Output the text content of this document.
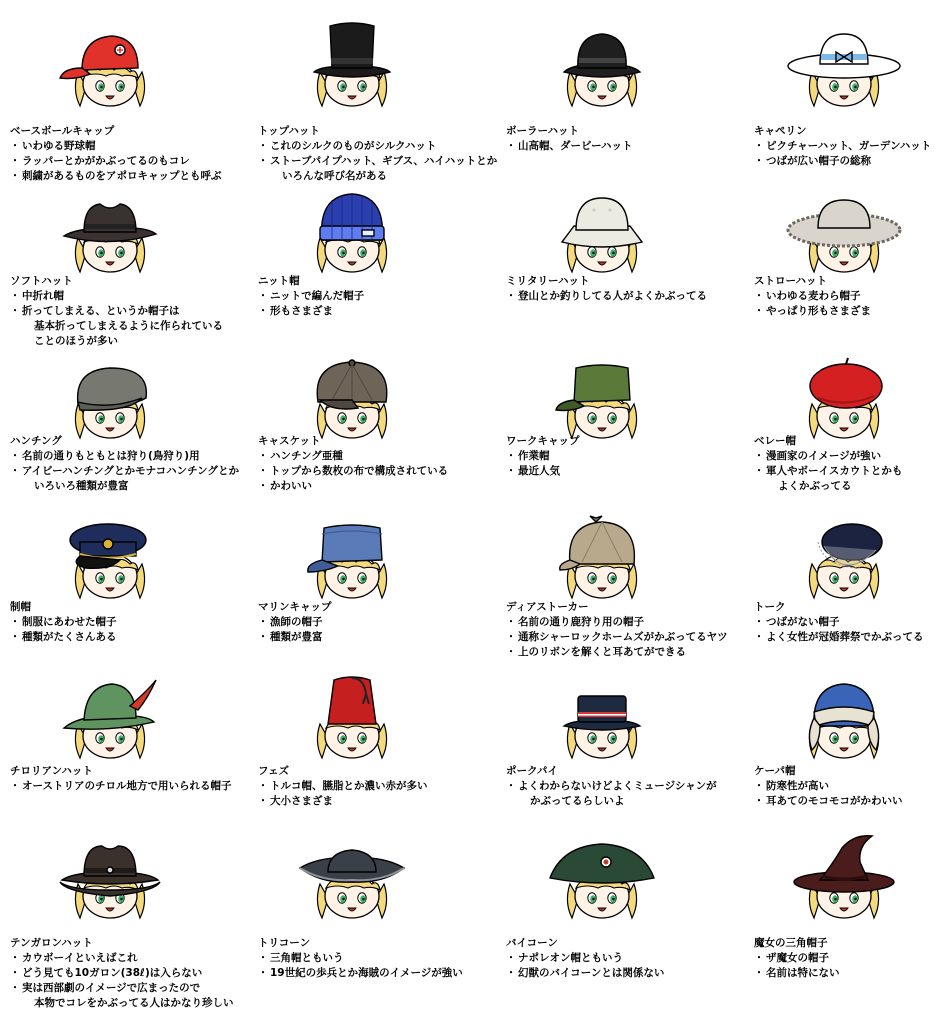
ベースボールキャップ
・ いわゆる野球帽
・ ラッパーとかがかぶってるのもコレ
・ 刺繍があるものをアポロキャップとも呼ぶ
トップハット
・ これのシルクのものがシルクハット
・ ストーブパイプハット、ギブス、ハイハットとか
いろんな呼び名がある
ボーラーハット
・ 山高帽、ダービーハット
キャペリン
・ ピクチャーハット、ガーデンハット
・ つばが広い帽子の総称
ソフトハット
・ 中折れ帽
・ 折ってしまえる、というか帽子は
基本折ってしまえるように作られている
ことのほうが多い
ニット帽
・ ニットで編んだ帽子
・ 形もさまざま
ミリタリーハット
・ 登山とか釣りしてる人がよくかぶってる
ストローハット
・ いわゆる麦わら帽子
・ やっぱり形もさまざま
ハンチング
・ 名前の通りもともとは狩り(鳥狩り)用
・ アイビーハンチングとかモナコハンチングとか
いろいろ種類が豊富
キャスケット
・ ハンチング亜種
・ トップから数枚の布で構成されている
・ かわいい
ワークキャップ
・ 作業帽
・ 最近人気
ベレー帽
・ 漫画家のイメージが強い
・ 軍人やボーイスカウトとかも
よくかぶってる
制帽
・ 制服にあわせた帽子
・ 種類がたくさんある
マリンキャップ
・ 漁師の帽子
・ 種類が豊富
ディアストーカー
・ 名前の通り鹿狩り用の帽子
・ 通称シャーロックホームズがかぶってるヤツ
・ 上のリボンを解くと耳あてができる
トーク
・ つばがない帽子
・ よく女性が冠婚葬祭でかぶってる
チロリアンハット
・ オーストリアのチロル地方で用いられる帽子
フェズ
・ トルコ帽、臙脂とか濃い赤が多い
・ 大小さまざま
ポークパイ
・ よくわからないけどよくミュージシャンが
かぶってるらしいよ
ケーパ帽
・ 防寒性が高い
・ 耳あてのモコモコがかわいい
テンガロンハット
・ カウボーイといえばこれ
・ どう見ても10ガロン(38ℓ)は入らない
・ 実は西部劇のイメージで広まったので
本物でコレをかぶってる人はかなり珍しい
トリコーン
・ 三角帽ともいう
・ 19世紀の歩兵とか海賊のイメージが強い
バイコーン
・ ナポレオン帽ともいう
・ 幻獣のバイコーンとは関係ない
魔女の三角帽子
・ ザ魔女の帽子
・ 名前は特にない
